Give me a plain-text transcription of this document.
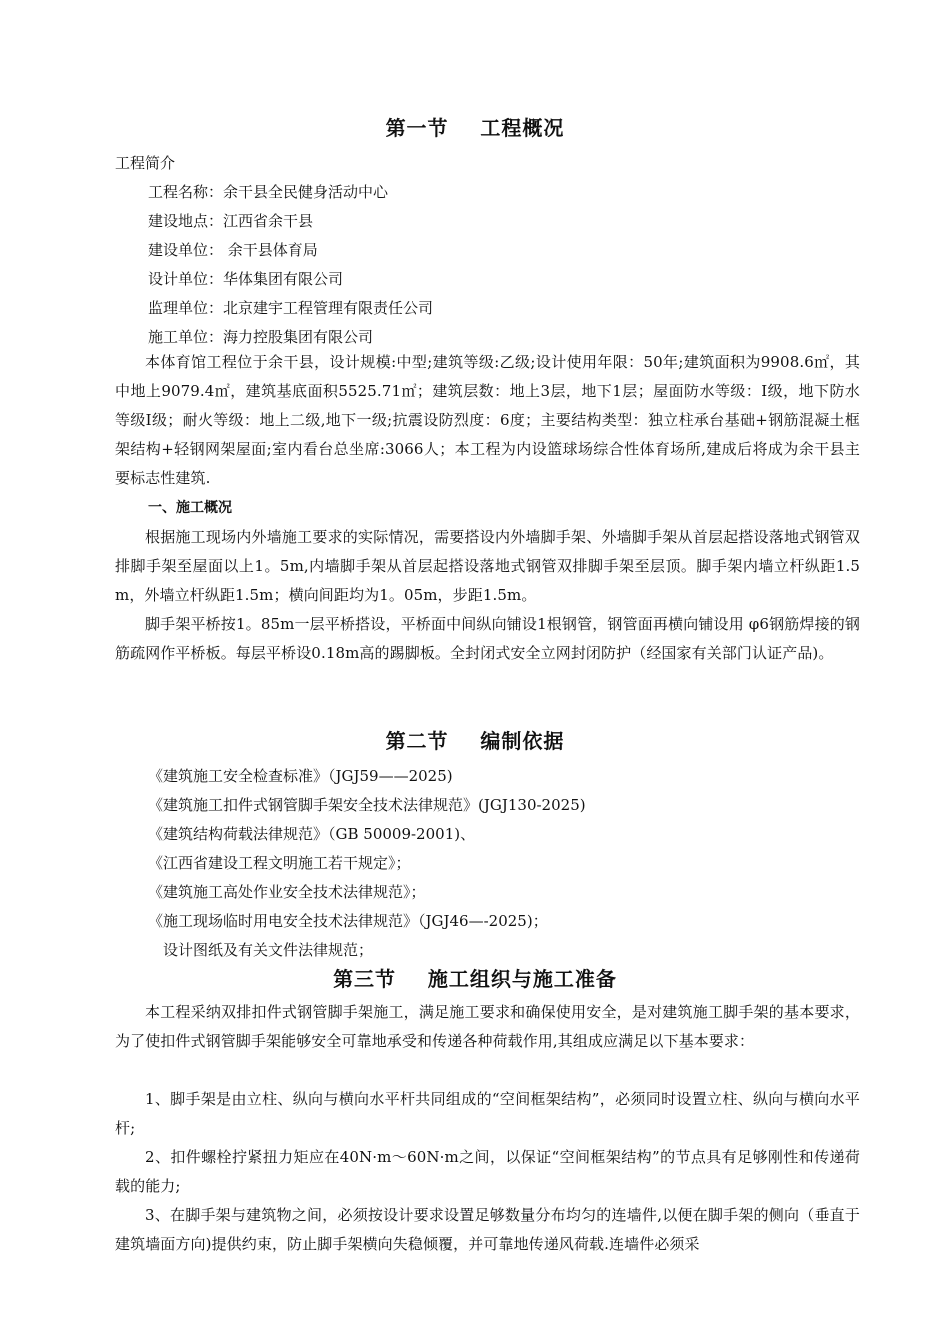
第一节    工程概况
工程简介
工程名称：余干县全民健身活动中心
建设地点：江西省余干县
建设单位： 余干县体育局
设计单位：华体集团有限公司
监理单位：北京建宇工程管理有限责任公司
施工单位：海力控股集团有限公司
本体育馆工程位于余干县，设计规模:中型;建筑等级:乙级;设计使用年限：50年;建筑面积为9908.6㎡，其中地上9079.4㎡，建筑基底面积5525.71㎡；建筑层数：地上3层，地下1层；屋面防水等级：Ⅰ级，地下防水等级Ⅰ级；耐火等级：地上二级,地下一级;抗震设防烈度：6度；主要结构类型：独立柱承台基础+钢筋混凝土框架结构+轻钢网架屋面;室内看台总坐席:3066人；本工程为内设篮球场综合性体育场所,建成后将成为余干县主要标志性建筑.
一、施工概况
根据施工现场内外墙施工要求的实际情况，需要搭设内外墙脚手架、外墙脚手架从首层起搭设落地式钢管双排脚手架至屋面以上1。5m,内墙脚手架从首层起搭设落地式钢管双排脚手架至层顶。脚手架内墙立杆纵距1.5m，外墙立杆纵距1.5m；横向间距均为1。05m，步距1.5m。
脚手架平桥按1。85m一层平桥搭设，平桥面中间纵向铺设1根钢管，钢管面再横向铺设用 φ6钢筋焊接的钢筋疏网作平桥板。每层平桥设0.18m高的踢脚板。全封闭式安全立网封闭防护（经国家有关部门认证产品)。
第二节    编制依据
《建筑施工安全检查标准》（JGJ59——2025)
《建筑施工扣件式钢管脚手架安全技术法律规范》(JGJ130-2025)
《建筑结构荷载法律规范》（GB 50009-2001)、
《江西省建设工程文明施工若干规定》；
《建筑施工高处作业安全技术法律规范》；
《施工现场临时用电安全技术法律规范》（JGJ46—-2025)；
设计图纸及有关文件法律规范；
第三节    施工组织与施工准备
本工程采纳双排扣件式钢管脚手架施工，满足施工要求和确保使用安全，是对建筑施工脚手架的基本要求，为了使扣件式钢管脚手架能够安全可靠地承受和传递各种荷载作用,其组成应满足以下基本要求：
1、脚手架是由立柱、纵向与横向水平杆共同组成的“空间框架结构”，必须同时设置立柱、纵向与横向水平杆;
2、扣件螺栓拧紧扭力矩应在40N·m～60N·m之间，以保证“空间框架结构”的节点具有足够刚性和传递荷载的能力;
3、在脚手架与建筑物之间，必须按设计要求设置足够数量分布均匀的连墙件,以便在脚手架的侧向（垂直于建筑墙面方向)提供约束，防止脚手架横向失稳倾覆，并可靠地传递风荷载.连墙件必须采
